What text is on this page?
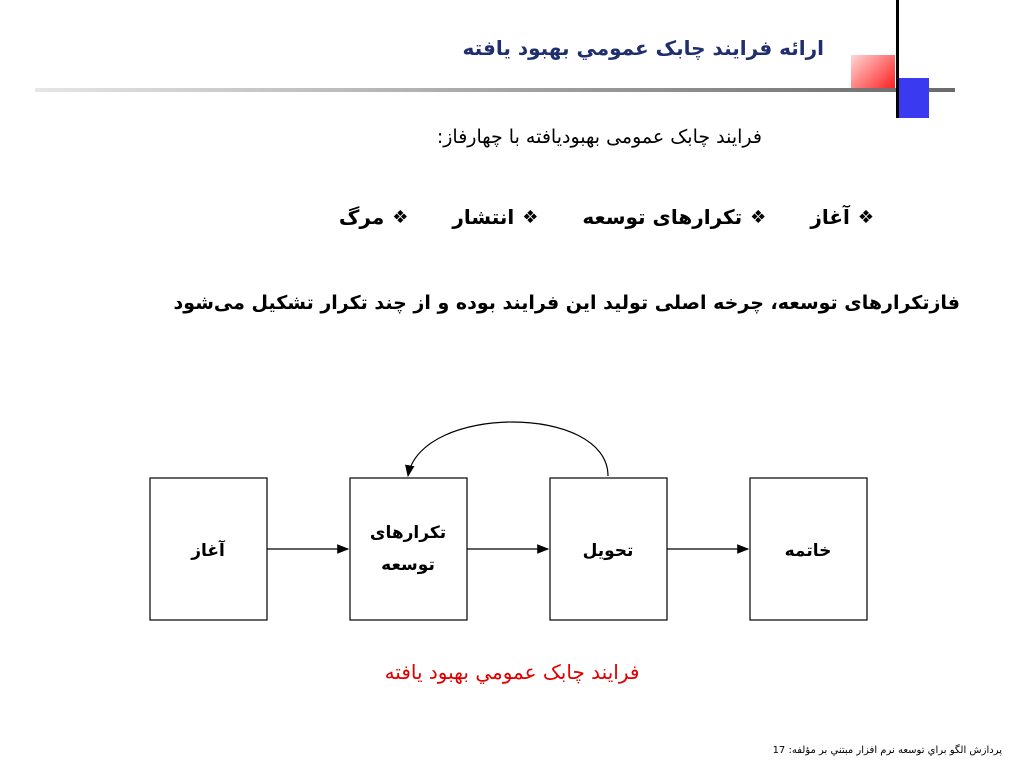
ارائه فرايند چابک عمومي بهبود يافته
فرایند چابک عمومی بهبودیافته با چهارفاز:
❖
آغاز
❖
تکرارهای توسعه
❖
انتشار
❖
مرگ
فازتکرارهای توسعه، چرخه اصلی تولید این فرایند بوده و از چند تکرار تشکیل می‌شود
آغاز
تکرارهای
توسعه
تحویل	خاتمه
فرايند چابک عمومي بهبود يافته
پردازش الگو براي توسعه نرم افزار مبتني بر مؤلفه: 17
